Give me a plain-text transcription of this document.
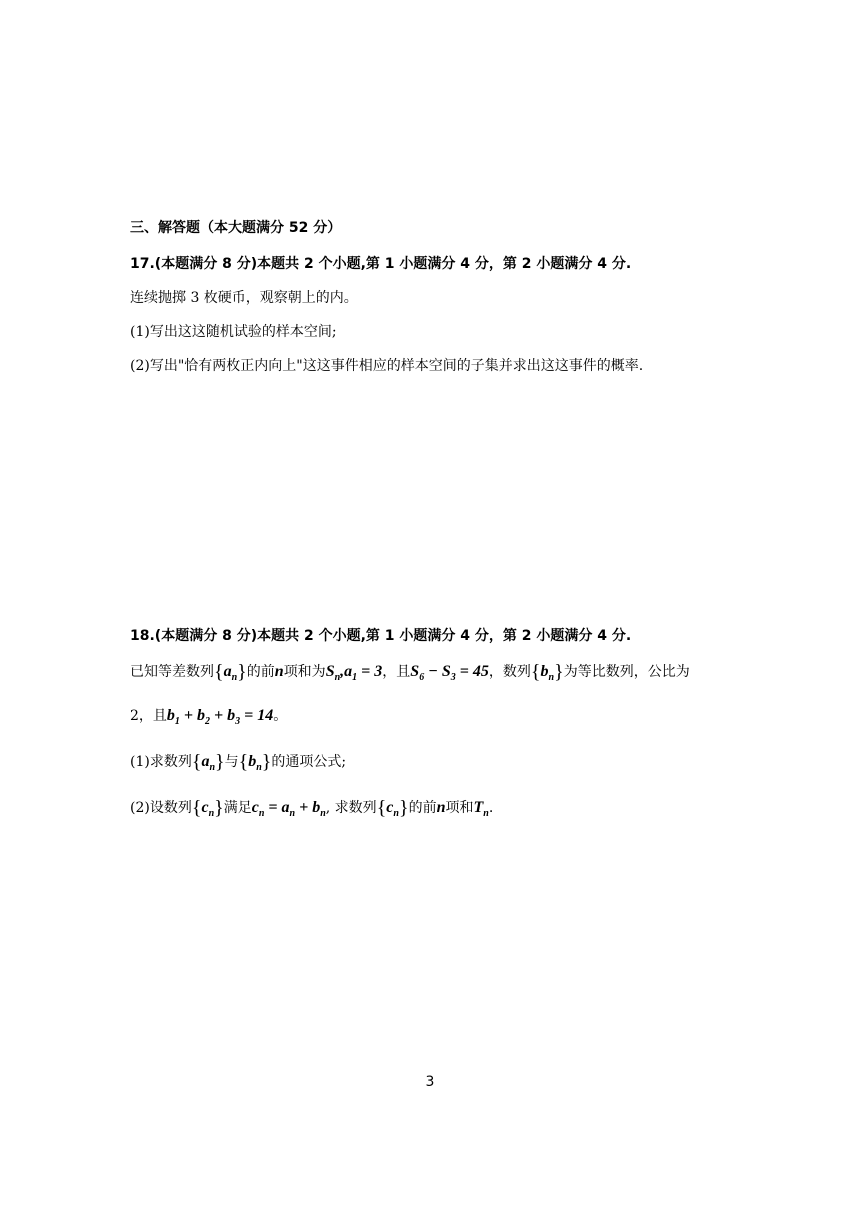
三、解答题（本大题满分 52 分）
17.(本题满分 8 分)本题共 2 个小题,第 1 小题满分 4 分，第 2 小题满分 4 分.
连续抛掷 3 枚硬币，观察朝上的内。
(1)写出这这随机试验的样本空间;
(2)写出"恰有两枚正内向上"这这事件相应的样本空间的子集并求出这这事件的概率.
18.(本题满分 8 分)本题共 2 个小题,第 1 小题满分 4 分，第 2 小题满分 4 分.
已知等差数列$\{a_n\}$的前n项和为$S_n,a_1 = 3$，且$S_6 - S_3 = 45$，数列$\{b_n\}$为等比数列，公比为
2，且$b_1 + b_2 + b_3 = 14$。
(1)求数列$\{a_n\}$与$\{b_n\}$的通项公式;
(2)设数列$\{c_n\}$满足$c_n = a_n + b_n$, 求数列$\{c_n\}$的前n项和$T_n$.
3
